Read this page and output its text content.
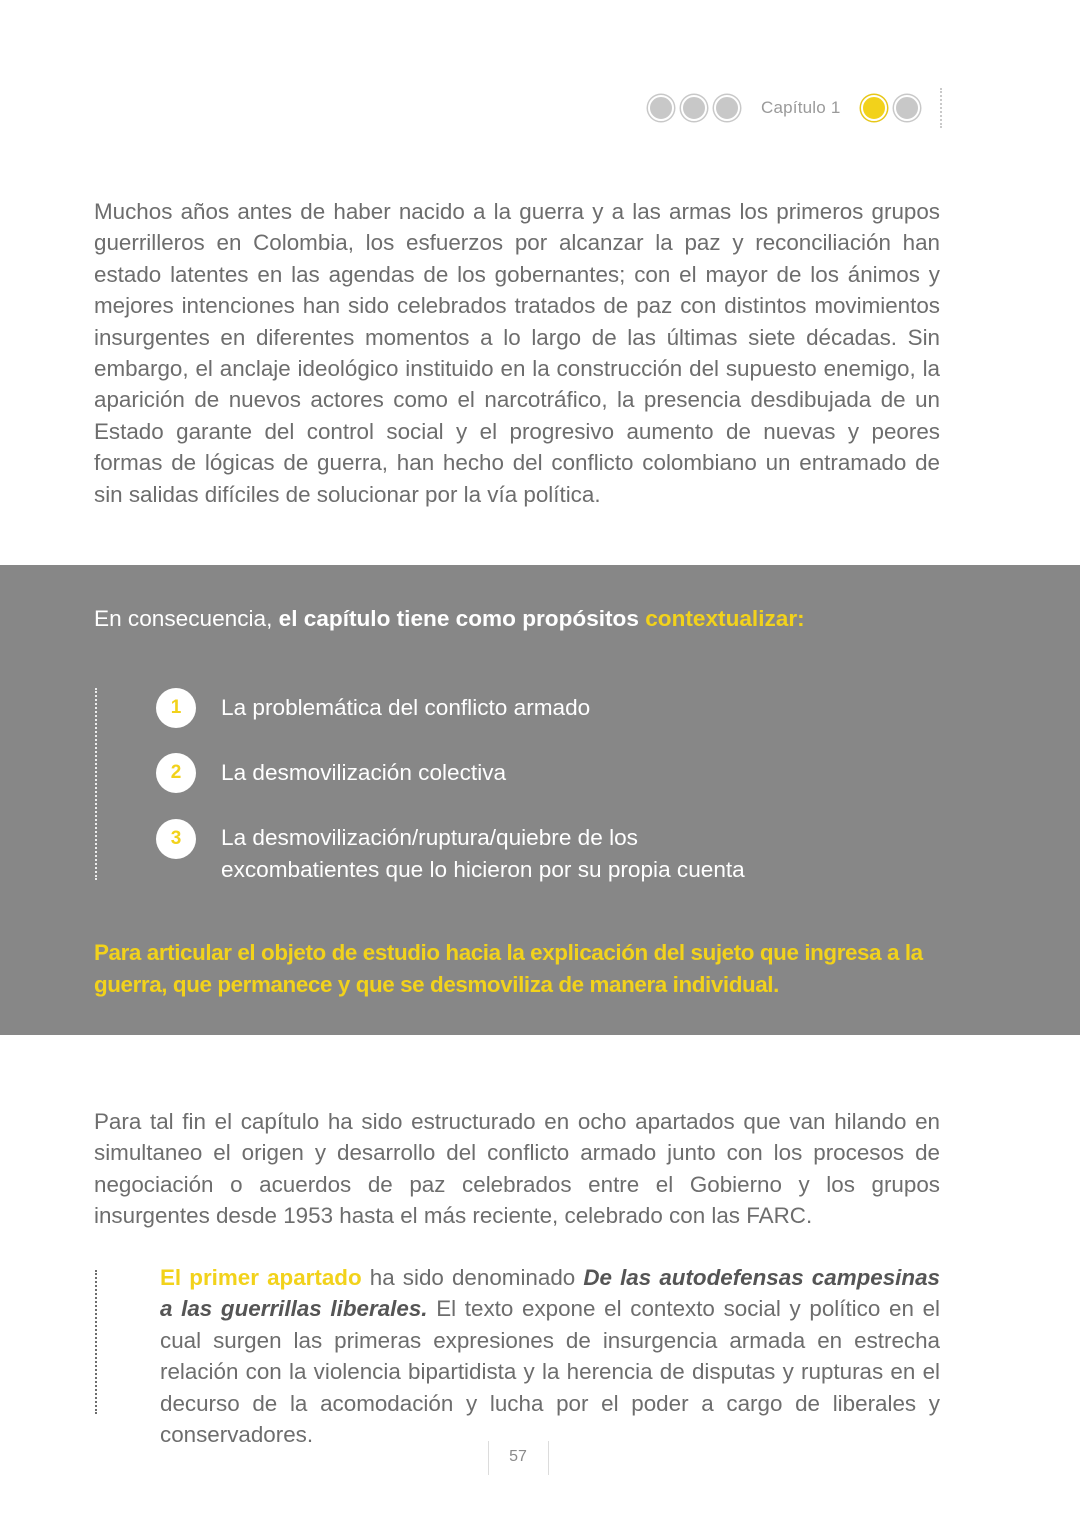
Capítulo 1

Muchos años antes de haber nacido a la guerra y a las armas los primeros grupos guerrilleros en Colombia, los esfuerzos por alcanzar la paz y reconciliación han estado latentes en las agendas de los gobernantes; con el mayor de los ánimos y mejores intenciones han sido celebrados tratados de paz con distintos movimientos insurgentes en diferentes momentos a lo largo de las últimas siete décadas. Sin embargo, el anclaje ideológico instituido en la construcción del supuesto enemigo, la aparición de nuevos actores como el narcotráfico, la presencia desdibujada de un Estado garante del control social y el progresivo aumento de nuevas y peores formas de lógicas de guerra, han hecho del conflicto colombiano un entramado de sin salidas difíciles de solucionar por la vía política.

En consecuencia, el capítulo tiene como propósitos contextualizar:

1	La problemática del conflicto armado
2	La desmovilización colectiva
3	La desmovilización/ruptura/quiebre de los excombatientes que lo hicieron por su propia cuenta

Para articular el objeto de estudio hacia la explicación del sujeto que ingresa a la guerra, que permanece y que se desmoviliza de manera individual.

Para tal fin el capítulo ha sido estructurado en ocho apartados que van hilando en simultaneo el origen y desarrollo del conflicto armado junto con los procesos de negociación o acuerdos de paz celebrados entre el Gobierno y los grupos insurgentes desde 1953 hasta el más reciente, celebrado con las FARC.

El primer apartado ha sido denominado De las autodefensas campesinas a las guerrillas liberales. El texto expone el contexto social y político en el cual surgen las primeras expresiones de insurgencia armada en estrecha relación con la violencia bipartidista y la herencia de disputas y rupturas en el decurso de la acomodación y lucha por el poder a cargo de liberales y conservadores.

57
